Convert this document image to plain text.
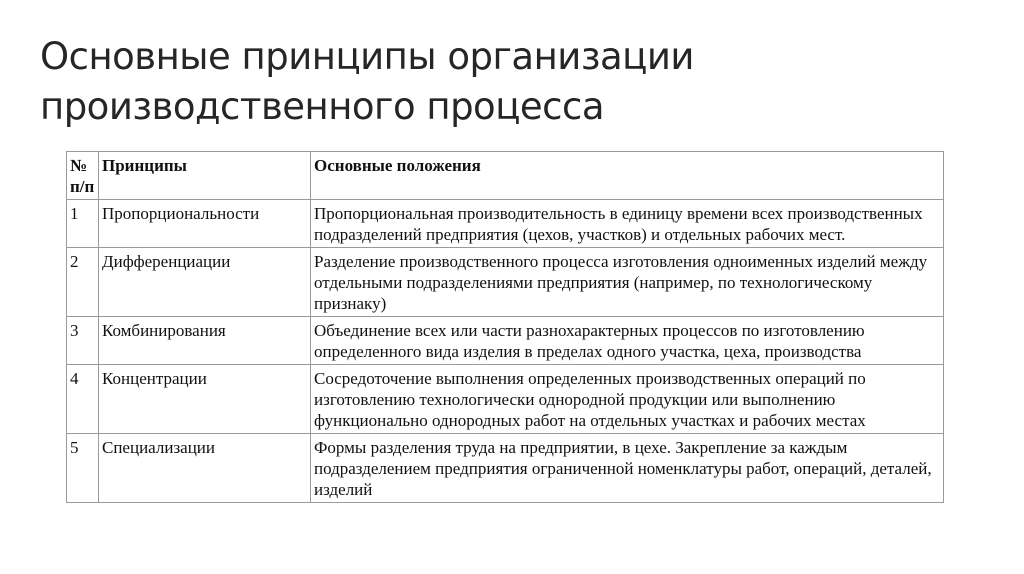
Основные принципы организации
производственного процесса
№
п/п	Принципы	Основные положения
1	Пропорциональности	Пропорциональная производительность в единицу времени всех производственных подразделений предприятия (цехов, участков) и отдельных рабочих мест.
2	Дифференциации	Разделение производственного процесса изготовления одноименных изделий между отдельными подразделениями предприятия (например, по технологическому признаку)
3	Комбинирования	Объединение всех или части разнохарактерных процессов по изготовлению определенного вида изделия в пределах одного участка, цеха, производства
4	Концентрации	Сосредоточение выполнения определенных производственных операций по изготовлению технологически однородной продукции или выполнению функционально однородных работ на отдельных участках и рабочих местах
5	Специализации	Формы разделения труда на предприятии, в цехе. Закрепление за каждым подразделением предприятия ограниченной номенклатуры работ, операций, деталей, изделий
